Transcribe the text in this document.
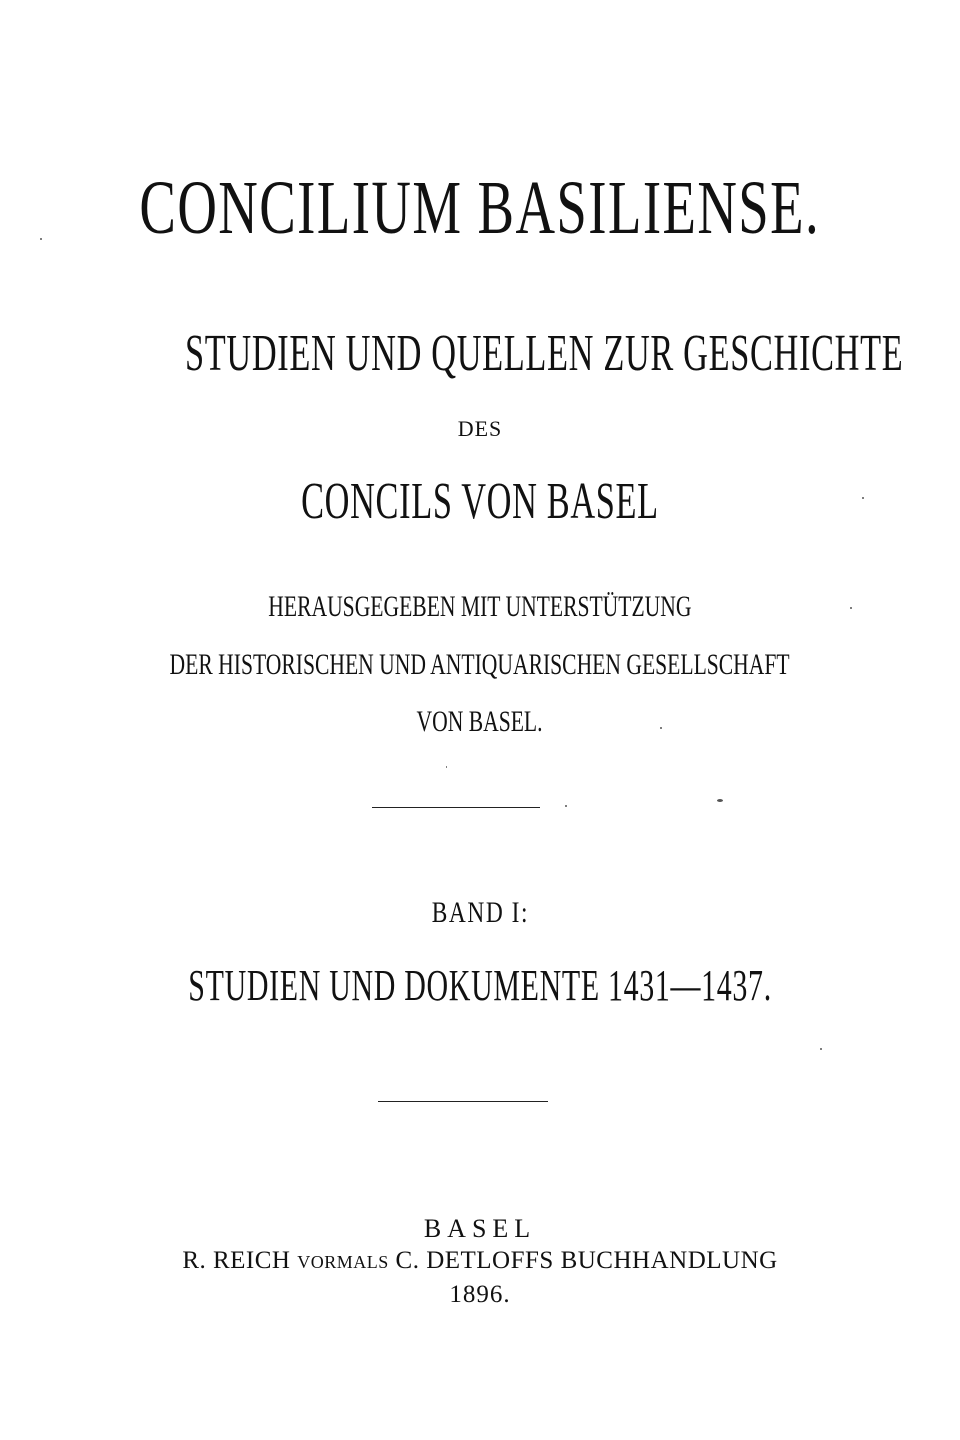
CONCILIUM BASILIENSE.
STUDIEN UND QUELLEN ZUR GESCHICHTE
DES
CONCILS VON BASEL
HERAUSGEGEBEN MIT UNTERSTÜTZUNG
DER HISTORISCHEN UND ANTIQUARISCHEN GESELLSCHAFT
VON BASEL.
BAND I:
STUDIEN UND DOKUMENTE 1431—1437.
BASEL
R. REICH VORMALS C. DETLOFFS BUCHHANDLUNG
1896.
